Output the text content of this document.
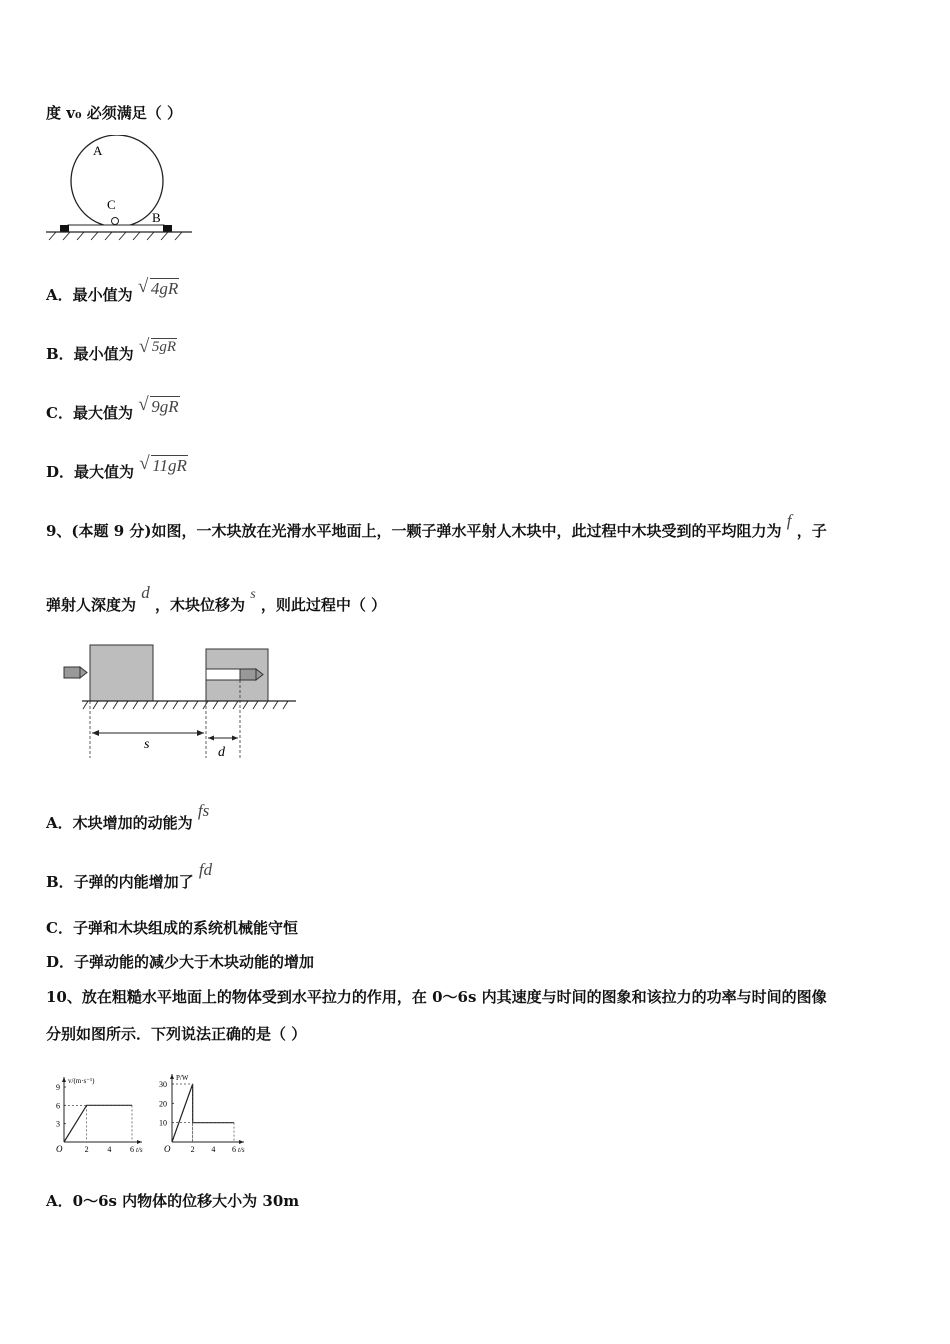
度 v₀ 必须满足（ ）
A
C
B
A．最小值为 √ 4gR
B．最小值为 √ 5gR
C．最大值为 √ 9gR
D．最大值为 √ 11gR
9、(本题 9 分)如图，一木块放在光滑水平地面上，一颗子弹水平射人木块中，此过程中木块受到的平均阻力为 f ，子
弹射人深度为 d ，木块位移为 s ，则此过程中（ ）
s
d
A．木块增加的动能为 fs
B．子弹的内能增加了 fd
C．子弹和木块组成的系统机械能守恒
D．子弹动能的减少大于木块动能的增加
10、放在粗糙水平地面上的物体受到水平拉力的作用，在 0～6s 内其速度与时间的图象和该拉力的功率与时间的图像
分别如图所示．下列说法正确的是（ ）
v/(m·s⁻¹)
t/s
O	2 4 6
3
6
9
P/W
t/s
O	2 4 6
10
20
30
A．0～6s 内物体的位移大小为 30m
